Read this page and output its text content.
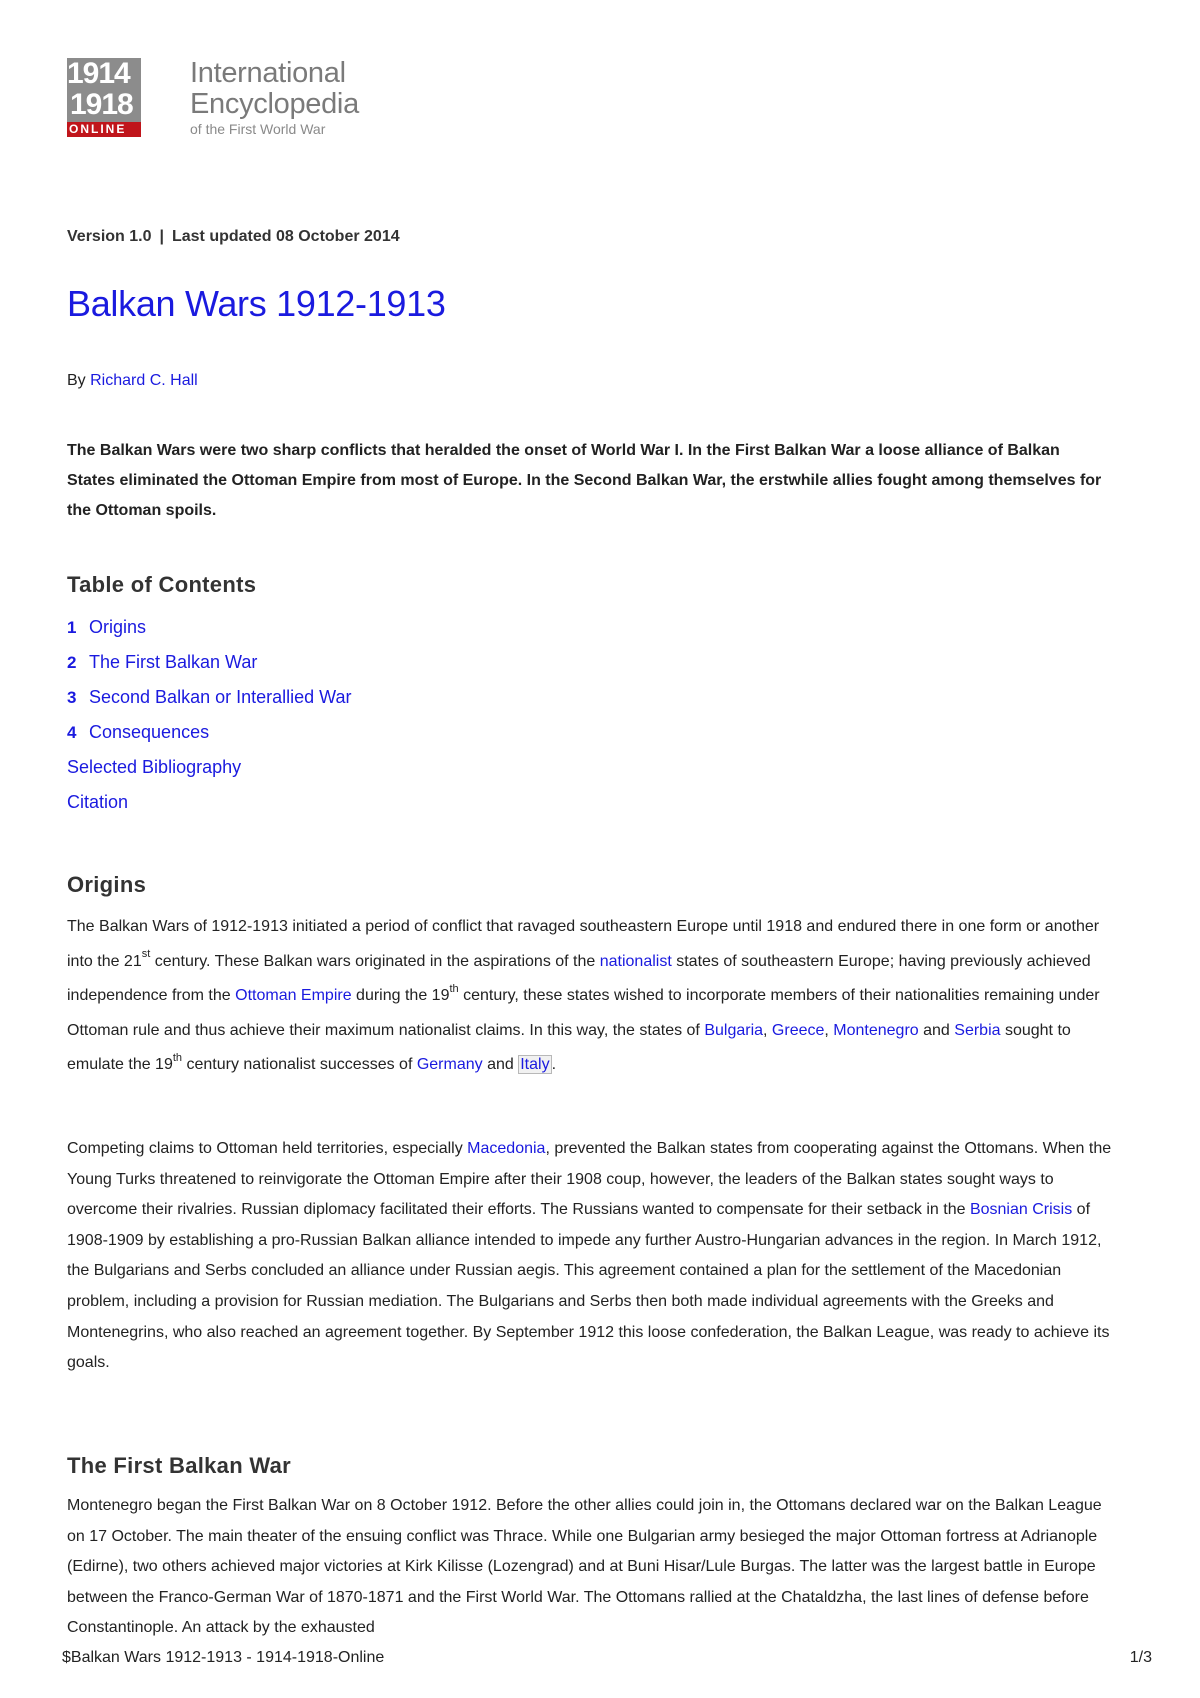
1914
1918
ONLINE
International
Encyclopedia
of the First World War
Version 1.0 | Last updated 08 October 2014
Balkan Wars 1912-1913
By Richard C. Hall

The Balkan Wars were two sharp conflicts that heralded the onset of World War I. In the First Balkan War a loose alliance of Balkan States eliminated the Ottoman Empire from most of Europe. In the Second Balkan War, the erstwhile allies fought among themselves for the Ottoman spoils.

Table of Contents
1 Origins
2 The First Balkan War
3 Second Balkan or Interallied War
4 Consequences
Selected Bibliography
Citation
Origins

The Balkan Wars of 1912-1913 initiated a period of conflict that ravaged southeastern Europe until 1918 and endured there in one form or another into the 21st century. These Balkan wars originated in the aspirations of the nationalist states of southeastern Europe; having previously achieved independence from the Ottoman Empire during the 19th century, these states wished to incorporate members of their nationalities remaining under Ottoman rule and thus achieve their maximum nationalist claims. In this way, the states of Bulgaria, Greece, Montenegro and Serbia sought to emulate the 19th century nationalist successes of Germany and Italy .

Competing claims to Ottoman held territories, especially Macedonia, prevented the Balkan states from cooperating against the Ottomans. When the Young Turks threatened to reinvigorate the Ottoman Empire after their 1908 coup, however, the leaders of the Balkan states sought ways to overcome their rivalries. Russian diplomacy facilitated their efforts. The Russians wanted to compensate for their setback in the Bosnian Crisis of 1908-1909 by establishing a pro-Russian Balkan alliance intended to impede any further Austro-Hungarian advances in the region. In March 1912, the Bulgarians and Serbs concluded an alliance under Russian aegis. This agreement contained a plan for the settlement of the Macedonian problem, including a provision for Russian mediation. The Bulgarians and Serbs then both made individual agreements with the Greeks and Montenegrins, who also reached an agreement together. By September 1912 this loose confederation, the Balkan League, was ready to achieve its goals.

The First Balkan War

Montenegro began the First Balkan War on 8 October 1912. Before the other allies could join in, the Ottomans declared war on the Balkan League on 17 October. The main theater of the ensuing conflict was Thrace. While one Bulgarian army besieged the major Ottoman fortress at Adrianople (Edirne), two others achieved major victories at Kirk Kilisse (Lozengrad) and at Buni Hisar/Lule Burgas. The latter was the largest battle in Europe between the Franco-German War of 1870-1871 and the First World War. The Ottomans rallied at the Chataldzha, the last lines of defense before Constantinople. An attack by the exhausted

$Balkan Wars 1912-1913 - 1914-1918-Online	1/3
